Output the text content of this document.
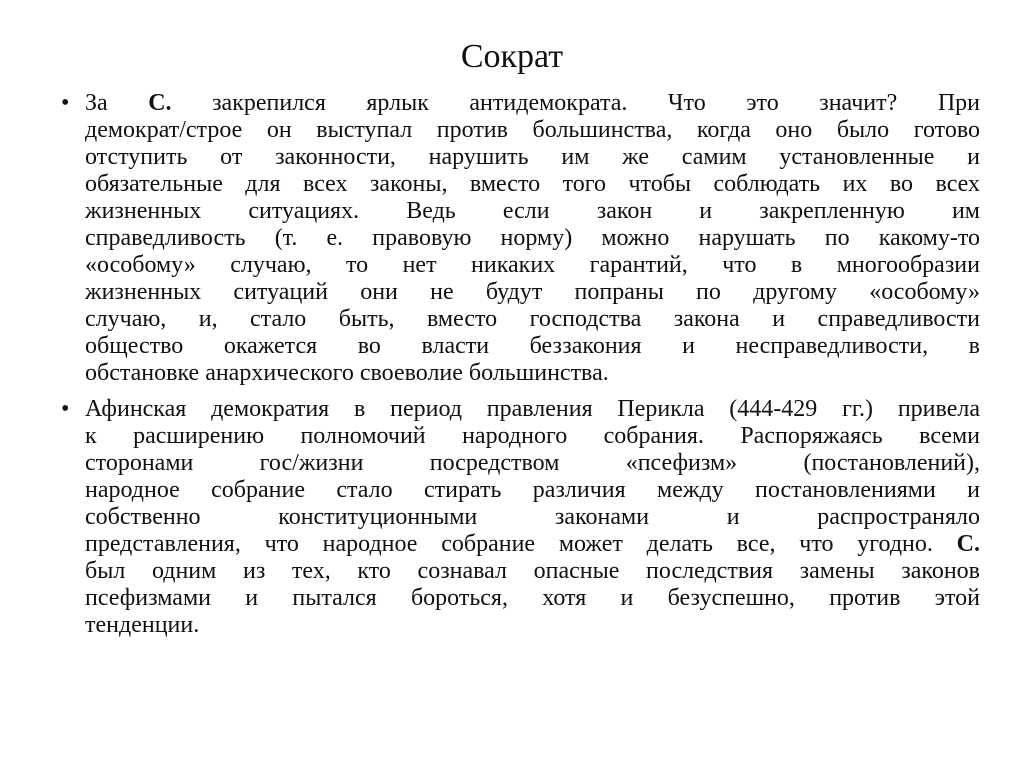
Сократ
• За С. закрепился ярлык антидемократа. Что это значит? При
демократ/строе он выступал против большинства, когда оно было готово
отступить от законности, нарушить им же самим установленные и
обязательные для всех законы, вместо того чтобы соблюдать их во всех
жизненных ситуациях. Ведь если закон и закрепленную им
справедливость (т. е. правовую норму) можно нарушать по какому-то
«особому» случаю, то нет никаких гарантий, что в многообразии
жизненных ситуаций они не будут попраны по другому «особому»
случаю, и, стало быть, вместо господства закона и справедливости
общество окажется во власти беззакония и несправедливости, в
обстановке анархического своеволие большинства.
• Афинская демократия в период правления Перикла (444-429 гг.) привела
к расширению полномочий народного собрания. Распоряжаясь всеми
сторонами гос/жизни посредством «псефизм» (постановлений),
народное собрание стало стирать различия между постановлениями и
собственно конституционными законами и распространяло
представления, что народное собрание может делать все, что угодно. С.
был одним из тех, кто сознавал опасные последствия замены законов
псефизмами и пытался бороться, хотя и безуспешно, против этой
тенденции.
